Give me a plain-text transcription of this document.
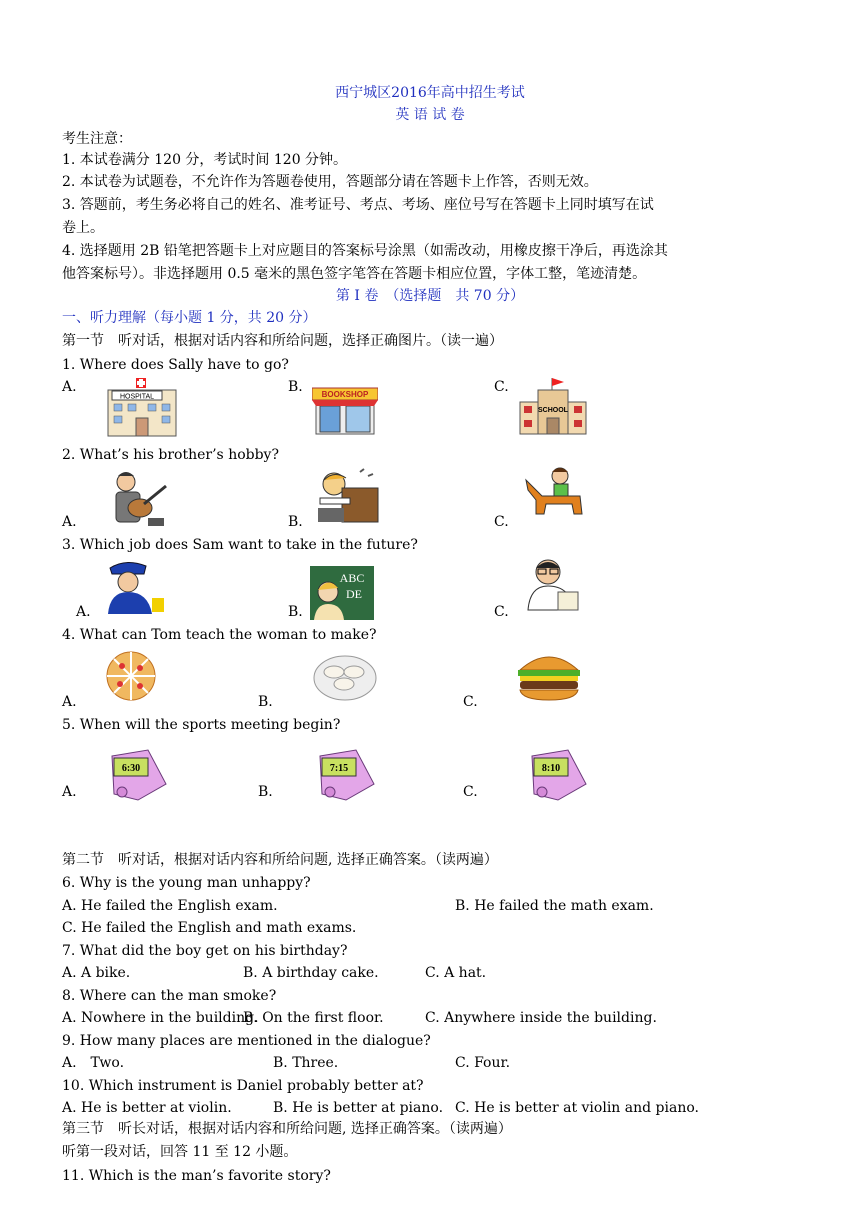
西宁城区2016年高中招生考试
英 语 试 卷
考生注意：
1. 本试卷满分 120 分，考试时间 120 分钟。
2. 本试卷为试题卷，不允许作为答题卷使用，答题部分请在答题卡上作答，否则无效。
3. 答题前，考生务必将自己的姓名、准考证号、考点、考场、座位号写在答题卡上同时填写在试
卷上。
4. 选择题用 2B 铅笔把答题卡上对应题目的答案标号涂黑（如需改动，用橡皮擦干净后，再选涂其
他答案标号）。非选择题用 0.5 毫米的黑色签字笔答在答题卡相应位置，字体工整，笔迹清楚。
第 I 卷　（选择题　共 70 分）
一、听力理解（每小题 1 分，共 20 分）
第一节　听对话，根据对话内容和所给问题，选择正确图片。（读一遍）
1. Where does Sally have to go?
A.	B.	C.
HOSPITAL	BOOKSHOP
SCHOOL
2. What’s his brother’s hobby?
A.	B.	C.
3. Which job does Sam want to take in the future?
ABC
DE
A.	B.	C.
4. What can Tom teach the woman to make?
A.	B.	C.
5. When will the sports meeting begin?
6:30	7:15	8:10
A.	B.	C.
第二节　听对话，根据对话内容和所给问题, 选择正确答案。（读两遍）
6. Why is the young man unhappy?
A. He failed the English exam.	B. He failed the math exam.
C. He failed the English and math exams.
7. What did the boy get on his birthday?
A. A bike.	B. A birthday cake.	C. A hat.
8. Where can the man smoke?
A. Nowhere in the building.
B. On the first floor.	C. Anywhere inside the building.
9. How many places are mentioned in the dialogue?
A.　Two.	B. Three.	C. Four.
10. Which instrument is Daniel probably better at?
A. He is better at violin.	B. He is better at piano. C. He is better at violin and piano.
第三节　听长对话，根据对话内容和所给问题, 选择正确答案。（读两遍）
听第一段对话，回答 11 至 12 小题。
11. Which is the man’s favorite story?
